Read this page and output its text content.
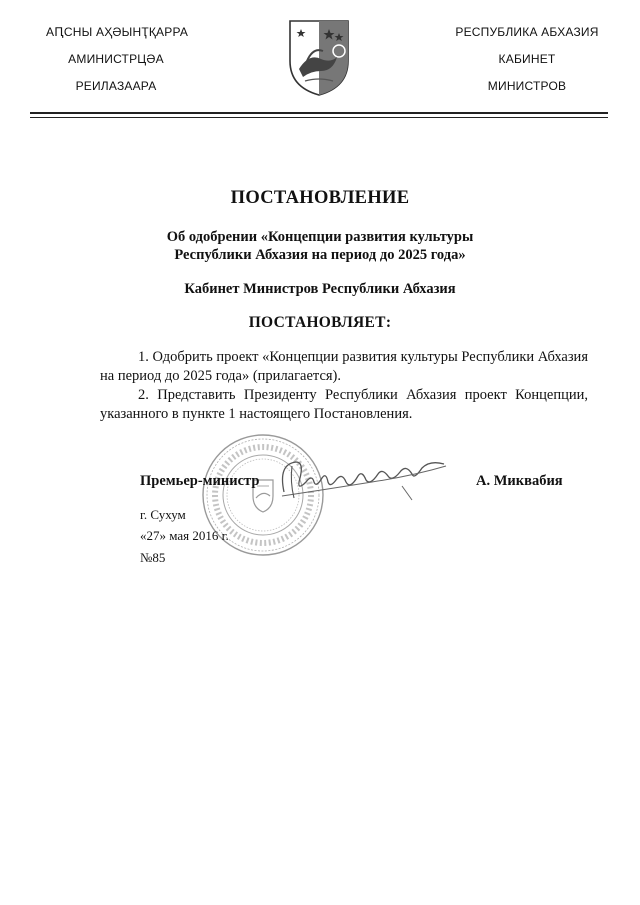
АԤСНЫ АҲӘЫНҬҚАРРА
АМИНИСТРЦӘА
РЕИЛАЗААРА
РЕСПУБЛИКА АБХАЗИЯ
КАБИНЕТ
МИНИСТРОВ
ПОСТАНОВЛЕНИЕ
Об одобрении «Концепции развития культуры
Республики Абхазия на период до 2025 года»
Кабинет Министров Республики Абхазия
ПОСТАНОВЛЯЕТ:

1. Одобрить проект «Концепции развития культуры Республики Абхазия на период до 2025 года» (прилагается).

2. Представить Президенту Республики Абхазия проект Концепции, указанного в пункте 1 настоящего Постановления.

Премьер-министр	А. Миквабия
г. Сухум
«27» мая 2016 г.
№85
